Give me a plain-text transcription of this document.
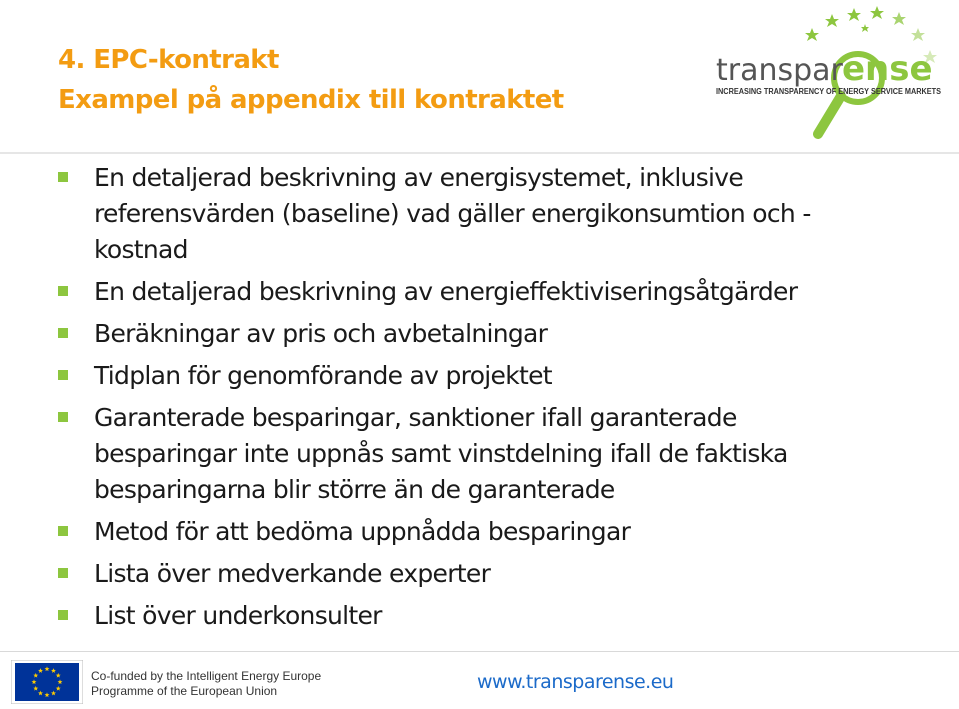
4. EPC-kontrakt
Exampel på appendix till kontraktet
transpar ense
INCREASING TRANSPARENCY OF ENERGY SERVICE MARKETS
En detaljerad beskrivning av energisystemet, inklusive
referensvärden (baseline) vad gäller energikonsumtion och -
kostnad
En detaljerad beskrivning av energieffektiviseringsåtgärder
Beräkningar av pris och avbetalningar
Tidplan för genomförande av projektet
Garanterade besparingar, sanktioner ifall garanterade
besparingar inte uppnås samt vinstdelning ifall de faktiska
besparingarna blir större än de garanterade
Metod för att bedöma uppnådda besparingar
Lista över medverkande experter
List över underkonsulter
Co-funded by the Intelligent Energy Europe
Programme of the European Union	www.transparense.eu
